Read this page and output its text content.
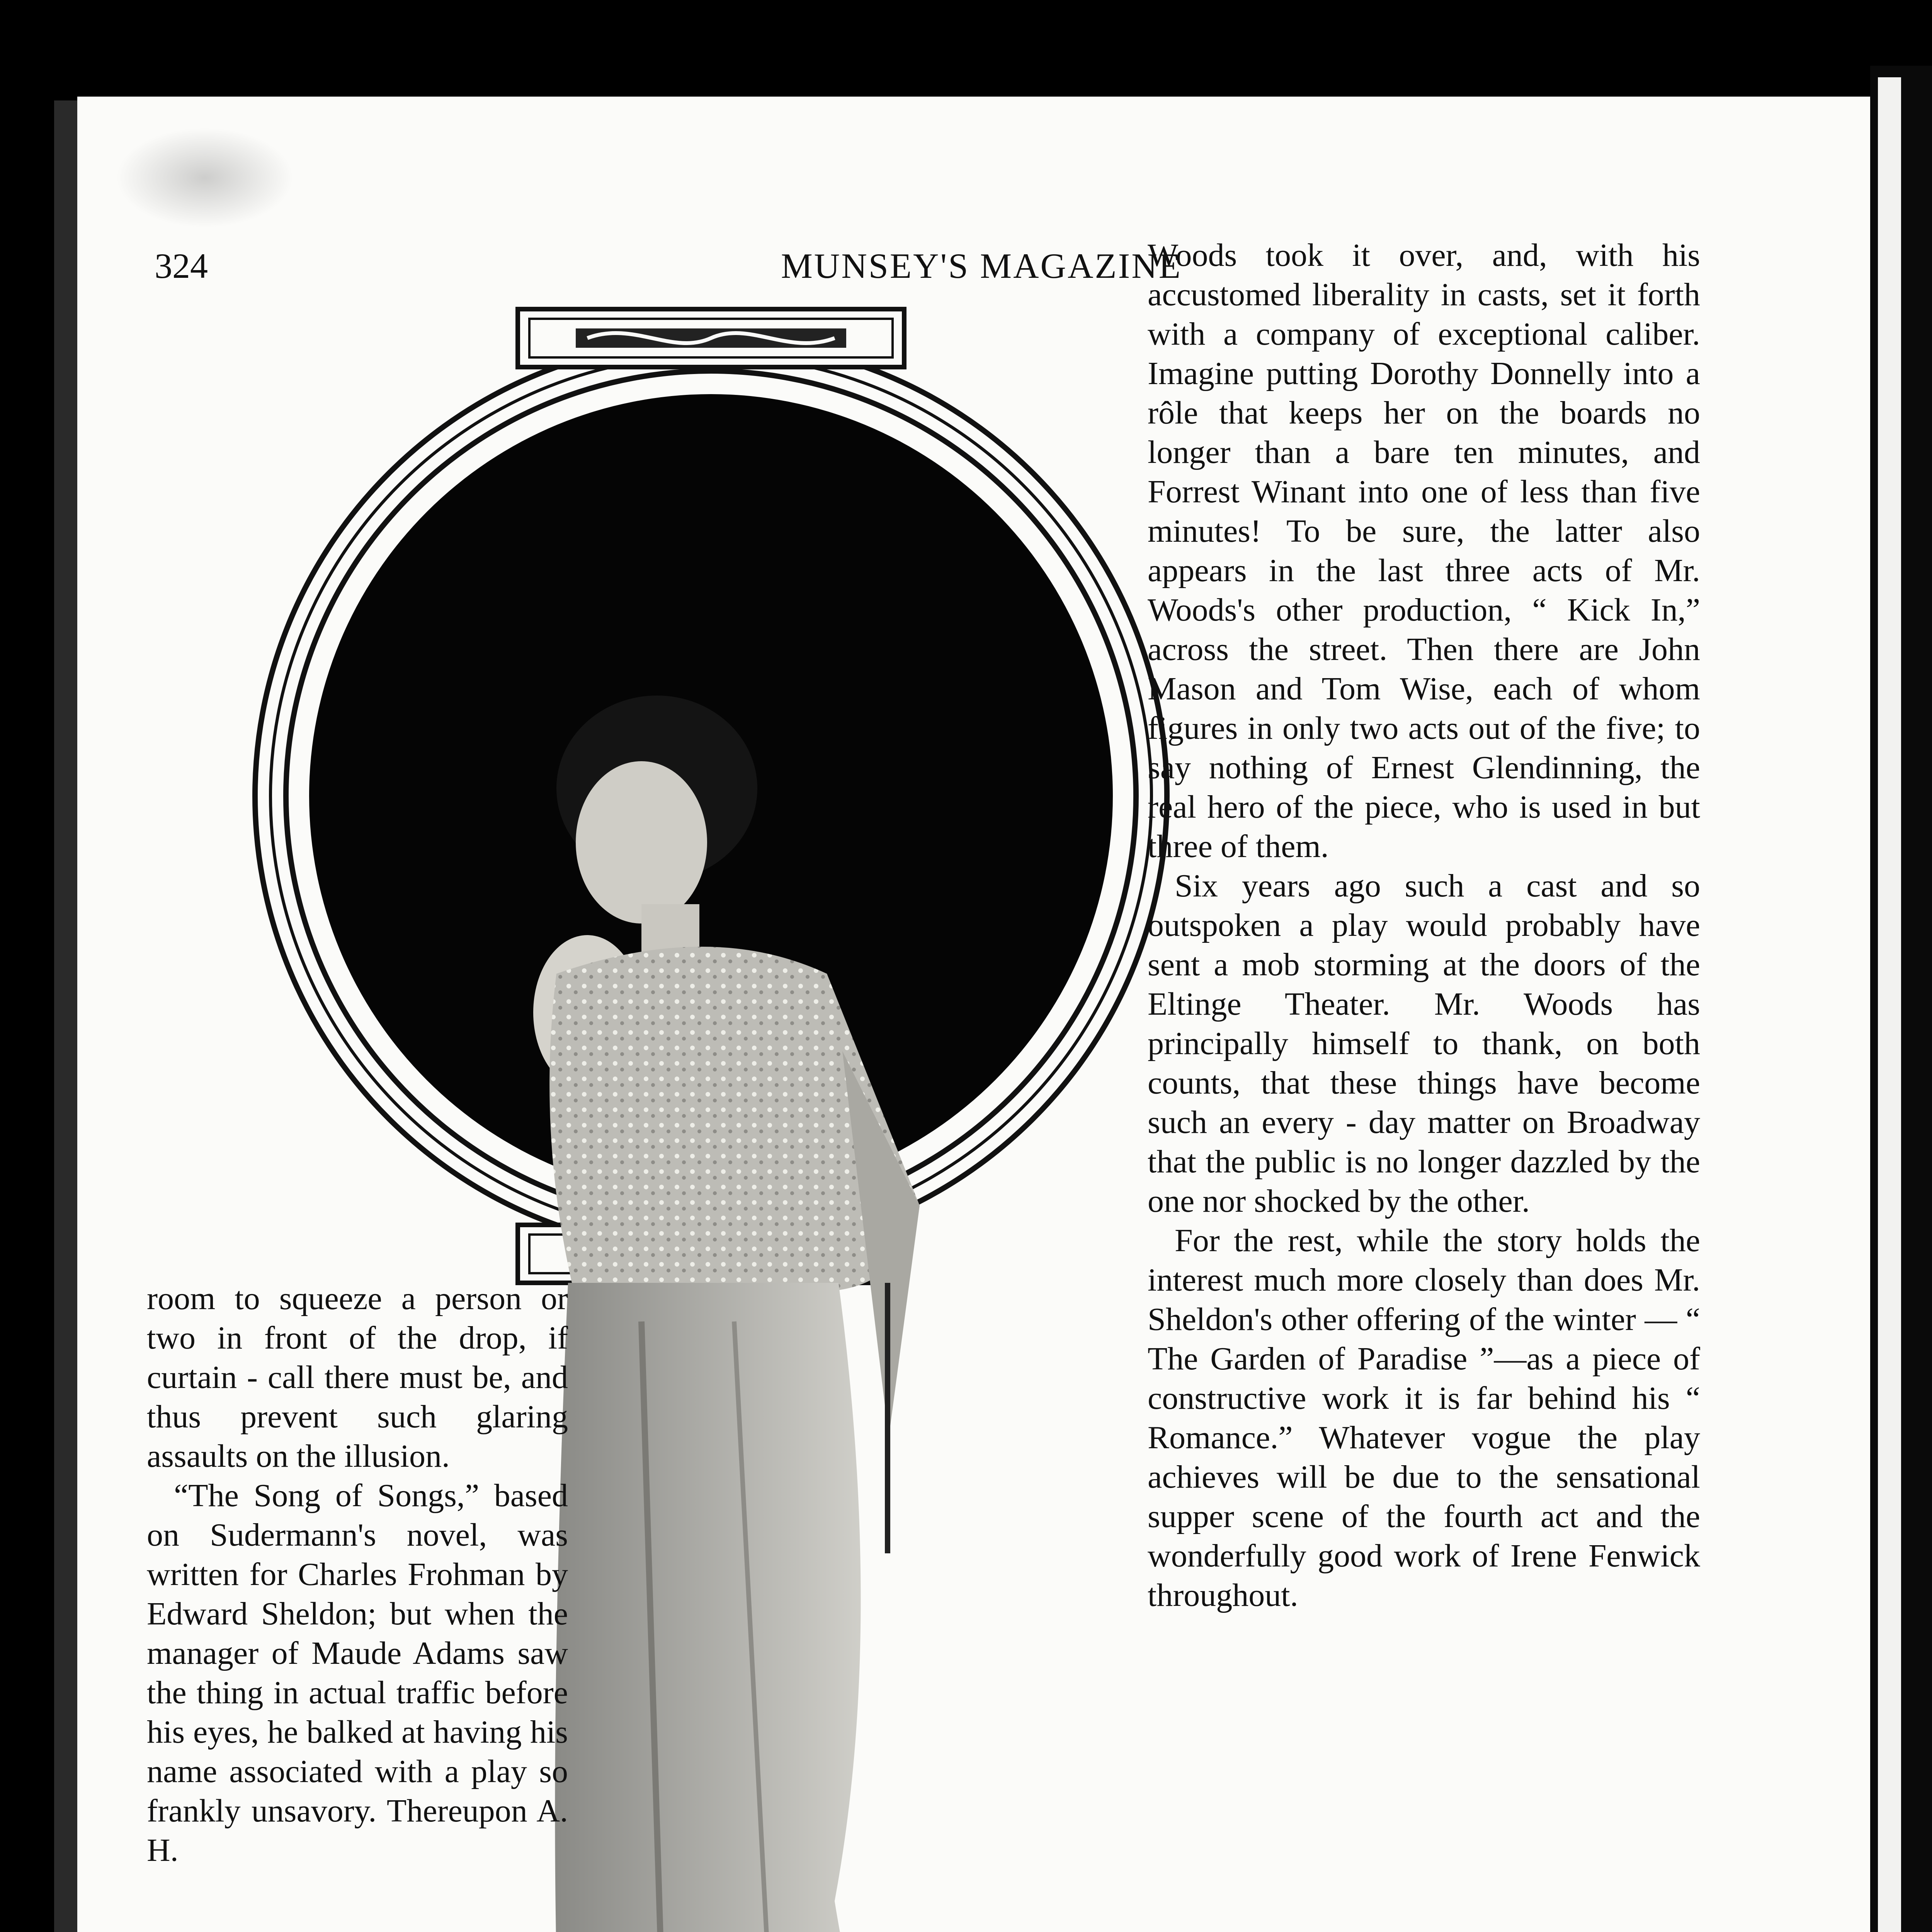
324	MUNSEY'S MAGAZINE

Woods took it over, and, with his accustomed liberality in casts, set it forth with a company of exceptional caliber. Imagine putting Dorothy Donnelly into a rôle that keeps her on the boards no longer than a bare ten minutes, and Forrest Winant into one of less than five minutes! To be sure, the latter also appears in the last three acts of Mr. Woods's other production, “ Kick In,” across the street. Then there are John Mason and Tom Wise, each of whom figures in only two acts out of the five; to say nothing of Ernest Glendinning, the real hero of the piece, who is used in but three of them.

Six years ago such a cast and so outspoken a play would probably have sent a mob storming at the doors of the Eltinge Theater. Mr. Woods has principally himself to thank, on both counts, that these things have become such an every - day matter on Broadway that the public is no longer dazzled by the one nor shocked by the other.

For the rest, while the story holds the interest much more closely than does Mr. Sheldon's other offering of the winter — “ The Garden of Paradise ”—as a piece of constructive work it is far behind his “ Romance.” Whatever vogue the play achieves will be due to the sensational supper scene of the fourth act and the wonderfully good work of Irene Fenwick throughout.

room to squeeze a person or two in front of the drop, if curtain - call there must be, and thus prevent such glaring assaults on the illusion.

“The Song of Songs,” based on Sudermann's novel, was written for Charles Frohman by Edward Sheldon; but when the manager of Maude Adams saw the thing in actual traffic before his eyes, he balked at having his name associated with a play so frankly unsavory. Thereupon A. H.
